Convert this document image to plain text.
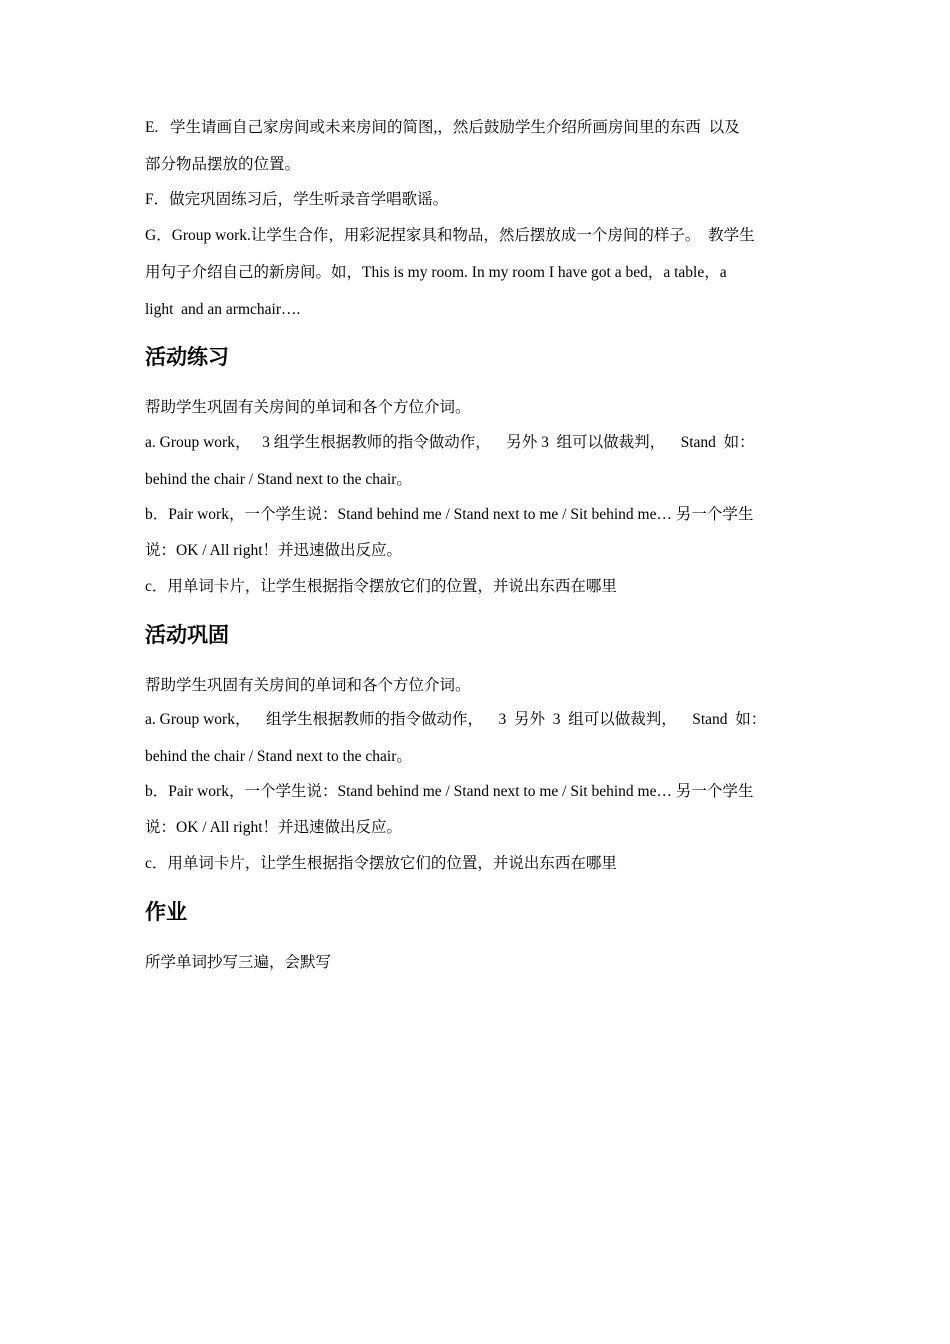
E.   学生请画自己家房间或未来房间的简图,，然后鼓励学生介绍所画房间里的东西  以及
部分物品摆放的位置。
F．做完巩固练习后，学生听录音学唱歌谣。
G．Group work.让学生合作，用彩泥捏家具和物品，然后摆放成一个房间的样子。  教学生
用句子介绍自己的新房间。如，This is my room. In my room I have got a bed，a table，a
light  and an armchair….
活动练习
帮助学生巩固有关房间的单词和各个方位介词。
a. Group work，   3 组学生根据教师的指令做动作，    另外 3  组可以做裁判，    Stand  如：
behind the chair / Stand next to the chair。
b．Pair work，一个学生说：Stand behind me / Stand next to me / Sit behind me… 另一个学生
说：OK / All right！并迅速做出反应。
c．用单词卡片，让学生根据指令摆放它们的位置，并说出东西在哪里
活动巩固
帮助学生巩固有关房间的单词和各个方位介词。
a. Group work，    组学生根据教师的指令做动作，    3  另外  3  组可以做裁判，    Stand  如：
behind the chair / Stand next to the chair。
b．Pair work，一个学生说：Stand behind me / Stand next to me / Sit behind me… 另一个学生
说：OK / All right！并迅速做出反应。
c．用单词卡片，让学生根据指令摆放它们的位置，并说出东西在哪里
作业
所学单词抄写三遍，会默写
